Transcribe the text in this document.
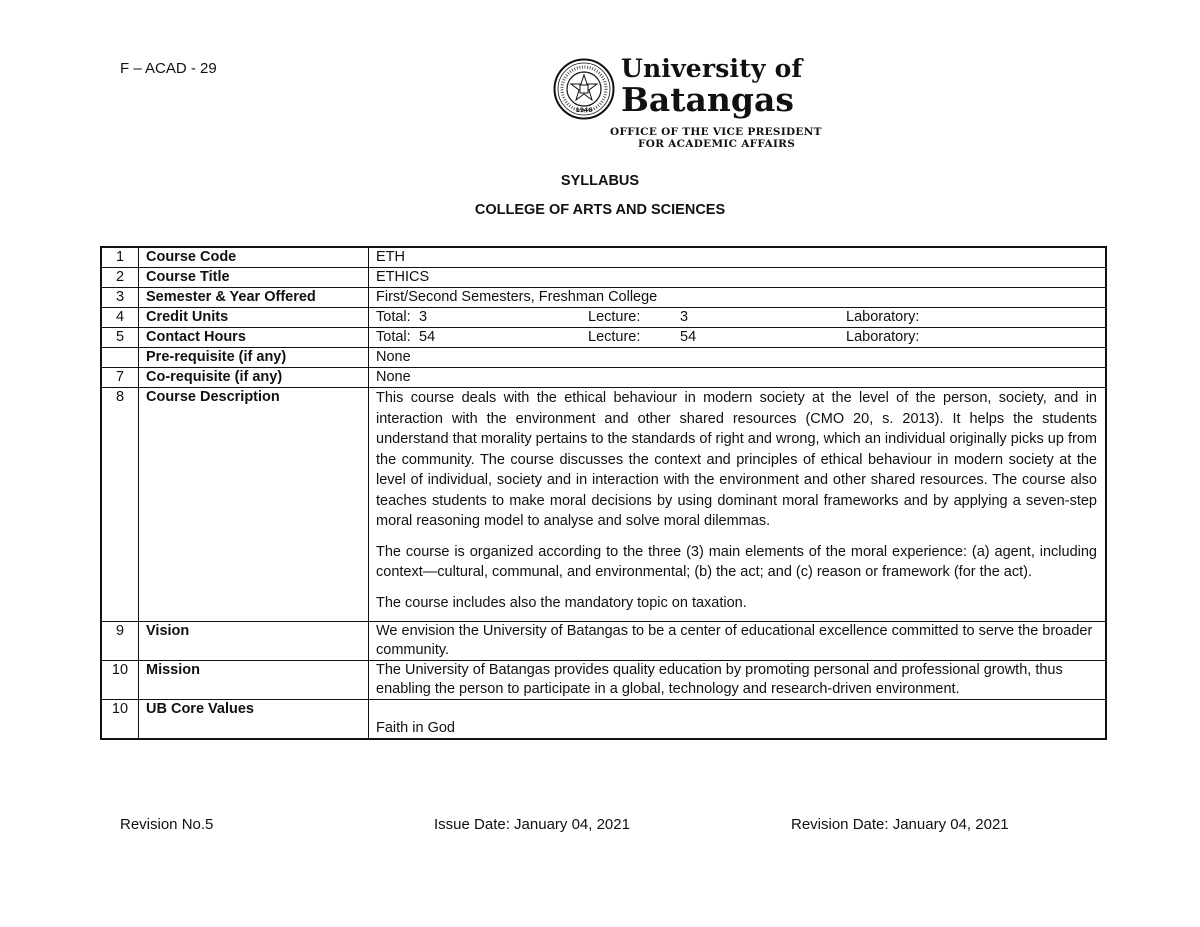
F – ACAD - 29
1946
University of
Batangas
OFFICE OF THE VICE PRESIDENT
FOR ACADEMIC AFFAIRS
SYLLABUS
COLLEGE OF ARTS AND SCIENCES
1	Course Code	ETH
2	Course Title	ETHICS
3	Semester & Year Offered	First/Second Semesters, Freshman College
4	Credit Units	Total: 3 Lecture: 3 Laboratory:

5	Contact Hours	Total: 54 Lecture: 54 Laboratory:

	Pre-requisite (if any)	None
7	Co-requisite (if any)	None
8	Course Description	This course deals with the ethical behaviour in modern society at the level of the person, society, and in interaction with the environment and other shared resources (CMO 20, s. 2013). It helps the students understand that morality pertains to the standards of right and wrong, which an individual originally picks up from the community. The course discusses the context and principles of ethical behaviour in modern society at the level of individual, society and in interaction with the environment and other shared resources. The course also teaches students to make moral decisions by using dominant moral frameworks and by applying a seven-step moral reasoning model to analyse and solve moral dilemmas.

The course is organized according to the three (3) main elements of the moral experience: (a) agent, including context—cultural, communal, and environmental; (b) the act; and (c) reason or framework (for the act).

The course includes also the mandatory topic on taxation.

9	Vision	We envision the University of Batangas to be a center of educational excellence committed to serve the broader community.
10	Mission	The University of Batangas provides quality education by promoting personal and professional growth, thus enabling the person to participate in a global, technology and research-driven environment.
10	UB Core Values	Faith in God
Revision No.5	Issue Date: January 04, 2021	Revision Date: January 04, 2021
